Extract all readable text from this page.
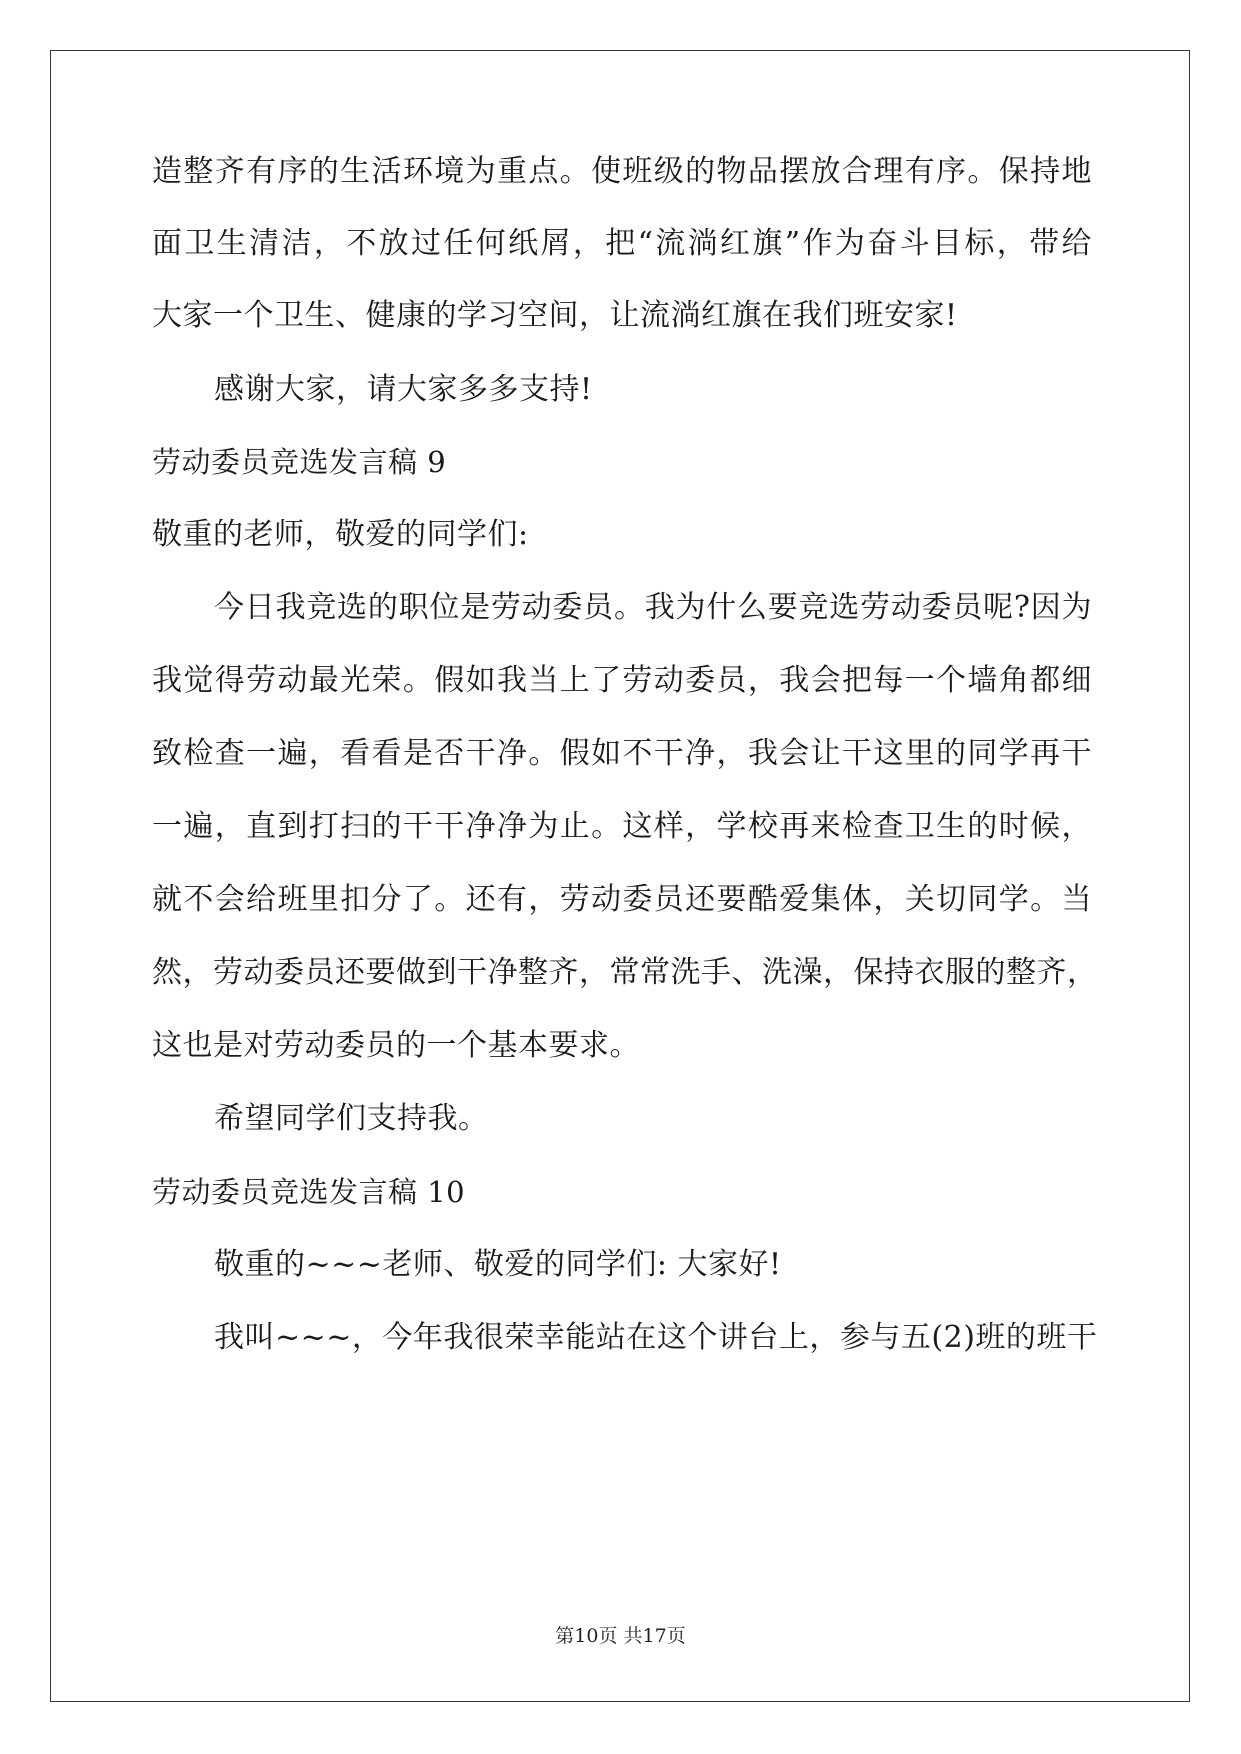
造整齐有序的生活环境为重点。使班级的物品摆放合理有序。保持地
面卫生清洁，不放过任何纸屑，把“流淌红旗”作为奋斗目标，带给
大家一个卫生、健康的学习空间，让流淌红旗在我们班安家!
感谢大家，请大家多多支持!
劳动委员竞选发言稿 9
敬重的老师，敬爱的同学们:
今日我竞选的职位是劳动委员。我为什么要竞选劳动委员呢?因为
我觉得劳动最光荣。假如我当上了劳动委员，我会把每一个墙角都细
致检查一遍，看看是否干净。假如不干净，我会让干这里的同学再干
一遍，直到打扫的干干净净为止。这样，学校再来检查卫生的时候，
就不会给班里扣分了。还有，劳动委员还要酷爱集体，关切同学。当
然，劳动委员还要做到干净整齐，常常洗手、洗澡，保持衣服的整齐，
这也是对劳动委员的一个基本要求。
希望同学们支持我。
劳动委员竞选发言稿 10
敬重的~~~老师、敬爱的同学们: 大家好!
我叫~~~，今年我很荣幸能站在这个讲台上，参与五(2)班的班干
第10页 共17页
